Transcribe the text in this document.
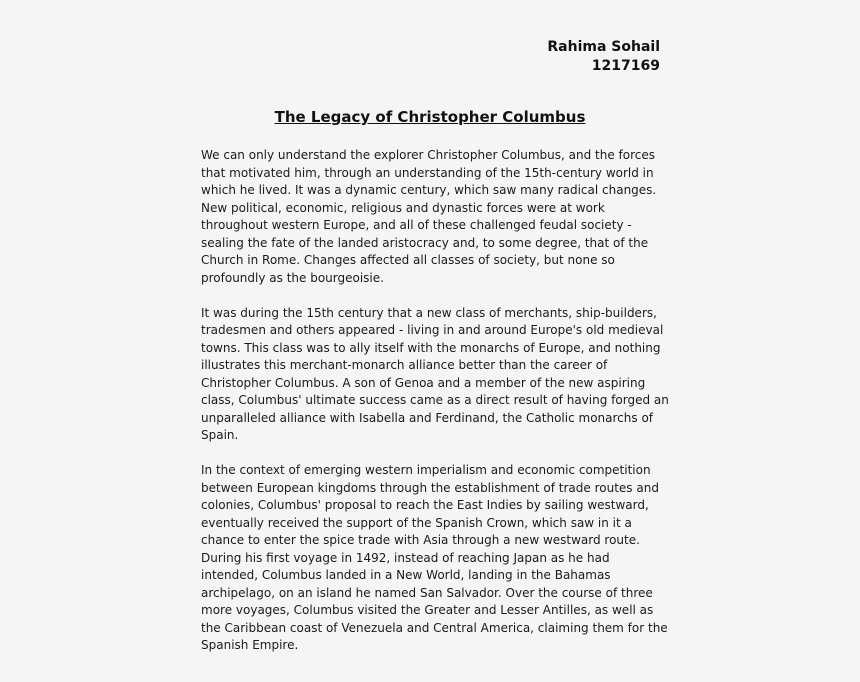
Rahima Sohail
1217169
The Legacy of Christopher Columbus

We can only understand the explorer Christopher Columbus, and the forces
that motivated him, through an understanding of the 15th-century world in
which he lived. It was a dynamic century, which saw many radical changes.
New political, economic, religious and dynastic forces were at work
throughout western Europe, and all of these challenged feudal society -
sealing the fate of the landed aristocracy and, to some degree, that of the
Church in Rome. Changes affected all classes of society, but none so
profoundly as the bourgeoisie.

It was during the 15th century that a new class of merchants, ship-builders,
tradesmen and others appeared - living in and around Europe's old medieval
towns. This class was to ally itself with the monarchs of Europe, and nothing
illustrates this merchant-monarch alliance better than the career of
Christopher Columbus. A son of Genoa and a member of the new aspiring
class, Columbus' ultimate success came as a direct result of having forged an
unparalleled alliance with Isabella and Ferdinand, the Catholic monarchs of
Spain.

In the context of emerging western imperialism and economic competition
between European kingdoms through the establishment of trade routes and
colonies, Columbus' proposal to reach the East Indies by sailing westward,
eventually received the support of the Spanish Crown, which saw in it a
chance to enter the spice trade with Asia through a new westward route.
During his first voyage in 1492, instead of reaching Japan as he had
intended, Columbus landed in a New World, landing in the Bahamas
archipelago, on an island he named San Salvador. Over the course of three
more voyages, Columbus visited the Greater and Lesser Antilles, as well as
the Caribbean coast of Venezuela and Central America, claiming them for the
Spanish Empire.
